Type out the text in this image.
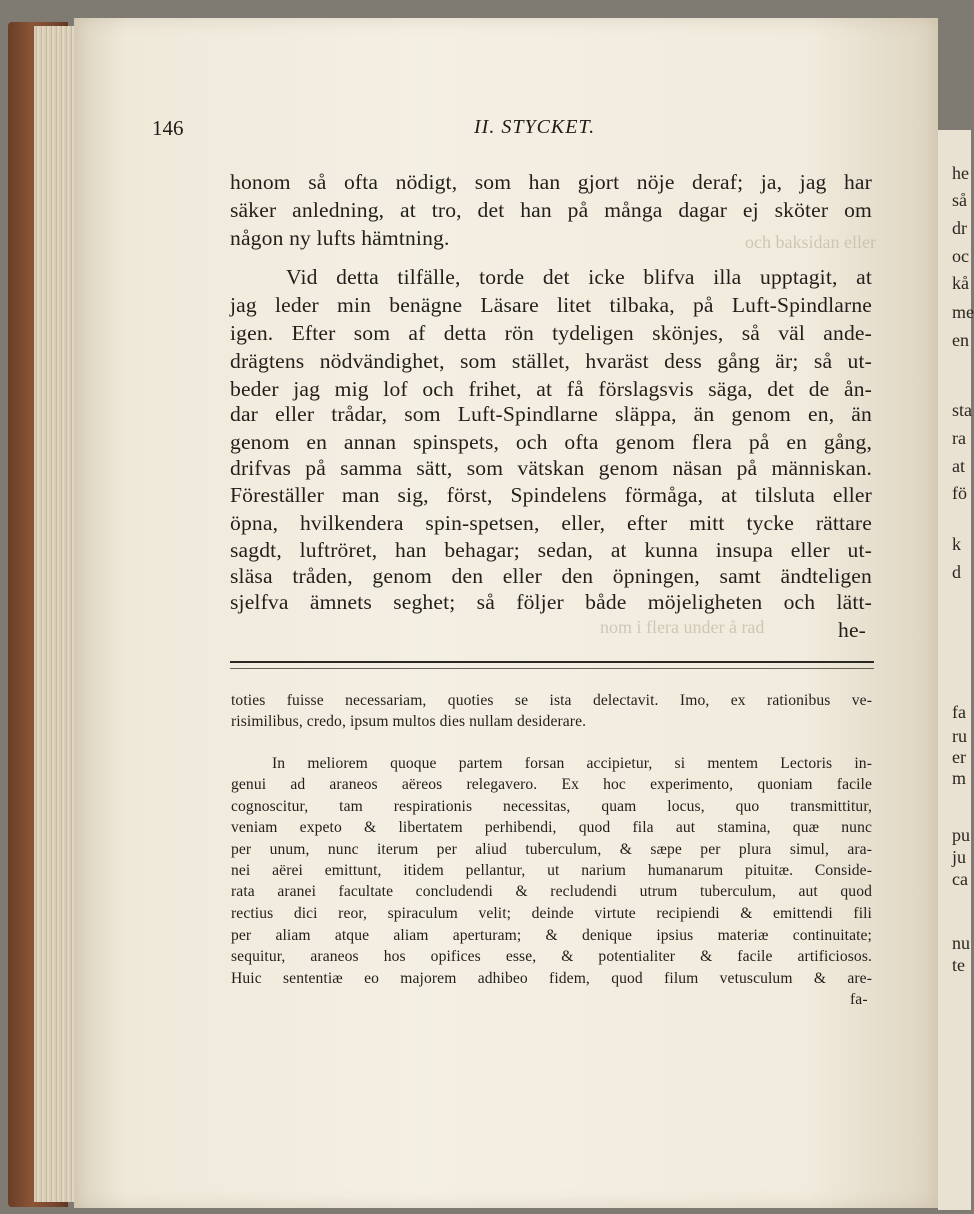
och baksidan eller
nom i flera under å rad
146	II. STYCKET.
honom så ofta nödigt, som han gjort nöje deraf; ja, jag har
säker anledning, at tro, det han på många dagar ej sköter om
någon ny lufts hämtning.
Vid detta tilfälle, torde det icke blifva illa upptagit, at
jag leder min benägne Läsare litet tilbaka, på Luft-Spindlarne
igen. Efter som af detta rön tydeligen skönjes, så väl ande-
drägtens nödvändighet, som stället, hvaräst dess gång är; så ut-
beder jag mig lof och frihet, at få förslagsvis säga, det de ån-
dar eller trådar, som Luft-Spindlarne släppa, än genom en, än
genom en annan spinspets, och ofta genom flera på en gång,
drifvas på samma sätt, som vätskan genom näsan på människan.
Föreställer man sig, först, Spindelens förmåga, at tilsluta eller
öpna, hvilkendera spin-spetsen, eller, efter mitt tycke rättare
sagdt, luftröret, han behagar; sedan, at kunna insupa eller ut-
släsa tråden, genom den eller den öpningen, samt ändteligen
sjelfva ämnets seghet; så följer både möjeligheten och lätt-
he-
toties fuisse necessariam, quoties se ista delectavit. Imo, ex rationibus ve-
risimilibus, credo, ipsum multos dies nullam desiderare.
In meliorem quoque partem forsan accipietur, si mentem Lectoris in-
genui ad araneos aëreos relegavero. Ex hoc experimento, quoniam facile
cognoscitur, tam respirationis necessitas, quam locus, quo transmittitur,
veniam expeto & libertatem perhibendi, quod fila aut stamina, quæ nunc
per unum, nunc iterum per aliud tuberculum, & sæpe per plura simul, ara-
nei aërei emittunt, itidem pellantur, ut narium humanarum pituitæ. Conside-
rata aranei facultate concludendi & recludendi utrum tuberculum, aut quod
rectius dici reor, spiraculum velit; deinde virtute recipiendi & emittendi fili
per aliam atque aliam aperturam; & denique ipsius materiæ continuitate;
sequitur, araneos hos opifices esse, & potentialiter & facile artificiosos.
Huic sententiæ eo majorem adhibeo fidem, quod filum vetusculum & are-
fa-
he
så
dr
oc
kå
me
en
sta
ra
at
fö
k
d
fa
ru
er
m
pu
ju
ca
nu
te
